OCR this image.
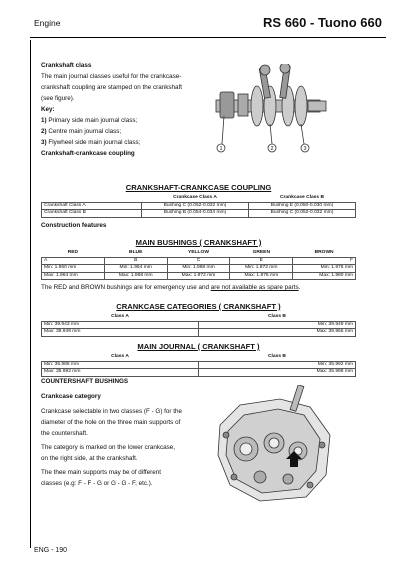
Engine	RS 660 - Tuono 660
Crankshaft class
The main journal classes useful for the crankcase-
crankshaft coupling are stamped on the crankshaft
(see figure).
Key:
1) Primary side main journal class;
2) Centre main journal class;
3) Flywheel side main journal class;
Crankshaft-crankcase coupling
1	2	3
CRANKSHAFT-CRANKCASE COUPLING
	Crankcase Class A	Crankcase Class B
Crankshaft Class A	Bushing C (0.052-0.032 mm)	Bushing E (0.050-0.030 mm)
Crankshaft Class B	Bushing B (0.054-0.034 mm)	Bushing C (0.052-0.032 mm)
Construction features
MAIN BUSHINGS ( CRANKSHAFT )
RED	BLUE	YELLOW	GREEN	BROWN
A	B	C	E	F
Min: 1.960 mm	Min: 1.964 mm	Min: 1.968 mm	Min: 1.972 mm	Min: 1.976 mm
Max: 1.964 mm	Max: 1.968 mm	Max: 1.972 mm	Max: 1.976 mm	Max: 1.980 mm
The RED and BROWN bushings are for emergency use and are not available as spare parts.
CRANKCASE CATEGORIES ( CRANKSHAFT )
Class A	Class B
Min: 39.943 mm	Min: 39.949 mm
Max: 39.949 mm	Max: 39.955 mm
MAIN JOURNAL ( CRANKSHAFT )
Class A	Class B
Min: 35.986 mm	Min: 35.992 mm
Max: 35.992 mm	Max: 35.998 mm
COUNTERSHAFT BUSHINGS
Crankcase category
Crankcase selectable in two classes (F - G) for the
diameter of the hole on the three main supports of
the countershaft.
The category is marked on the lower crankcase,
on the right side, at the crankshaft.
The thee main supports may be of different
classes (e.g: F - F - G or G - G - F, etc.).
ENG - 190
